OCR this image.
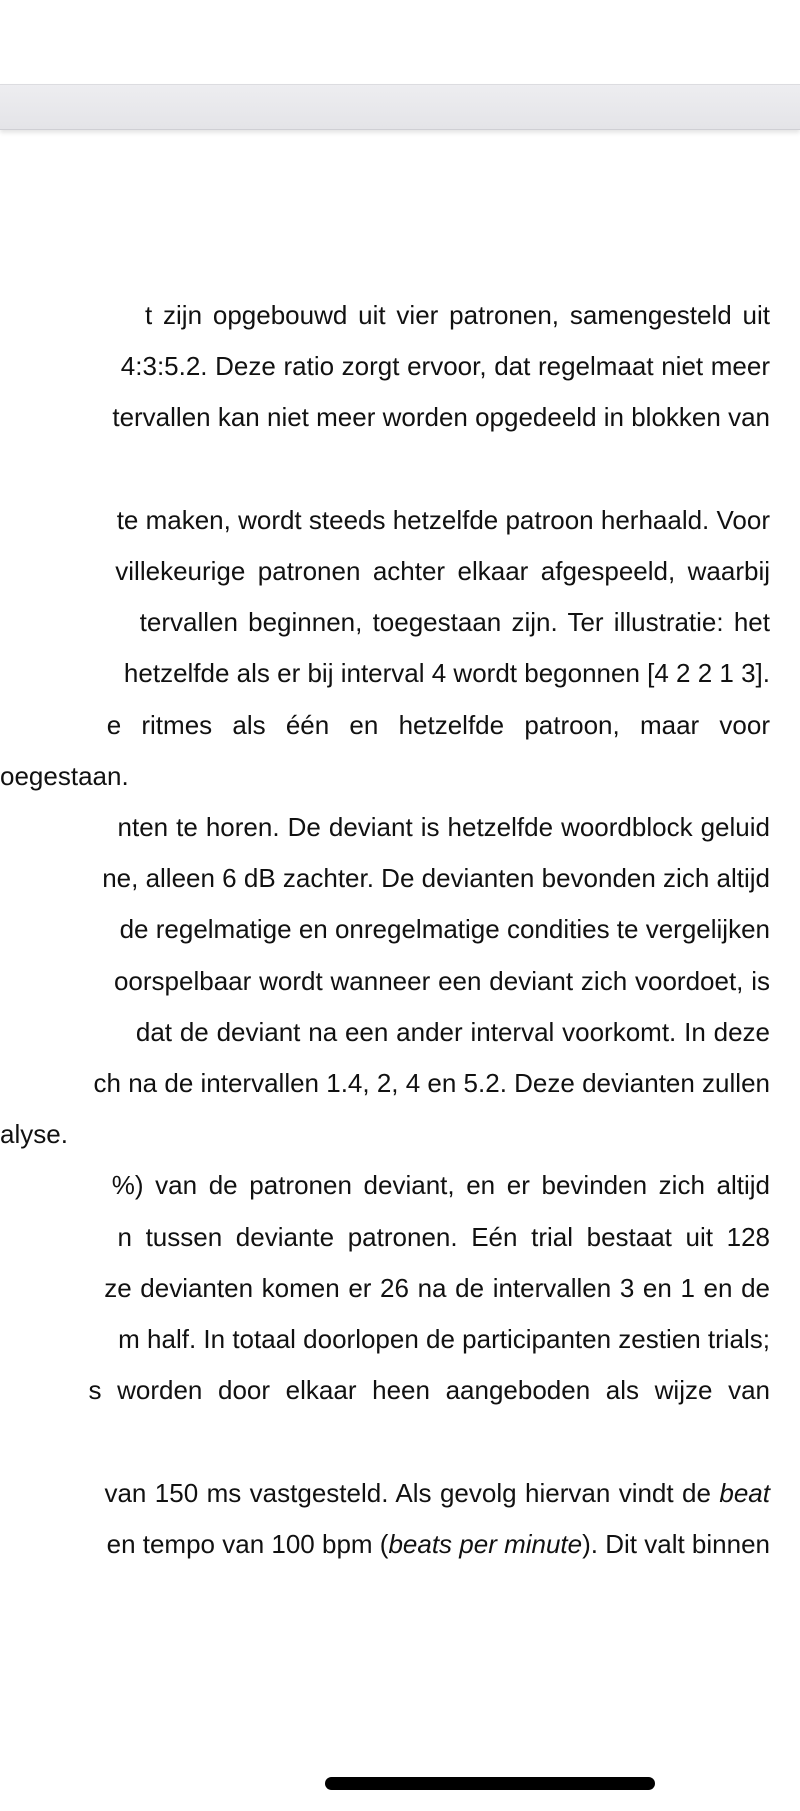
t zijn opgebouwd uit vier patronen, samengesteld uit
4:3:5.2. Deze ratio zorgt ervoor, dat regelmaat niet meer
tervallen kan niet meer worden opgedeeld in blokken van
te maken, wordt steeds hetzelfde patroon herhaald. Voor
villekeurige patronen achter elkaar afgespeeld, waarbij
tervallen beginnen, toegestaan zijn. Ter illustratie: het
hetzelfde als er bij interval 4 wordt begonnen [4 2 2 1 3].
e ritmes als één en hetzelfde patroon, maar voor
oegestaan.
nten te horen. De deviant is hetzelfde woordblock geluid
ne, alleen 6 dB zachter. De devianten bevonden zich altijd
de regelmatige en onregelmatige condities te vergelijken
oorspelbaar wordt wanneer een deviant zich voordoet, is
dat de deviant na een ander interval voorkomt. In deze
ch na de intervallen 1.4, 2, 4 en 5.2. Deze devianten zullen
alyse.
%) van de patronen deviant, en er bevinden zich altijd
n tussen deviante patronen. Eén trial bestaat uit 128
ze devianten komen er 26 na de intervallen 3 en 1 en de
m half. In totaal doorlopen de participanten zestien trials;
s worden door elkaar heen aangeboden als wijze van
van 150 ms vastgesteld. Als gevolg hiervan vindt de beat
en tempo van 100 bpm (beats per minute). Dit valt binnen
